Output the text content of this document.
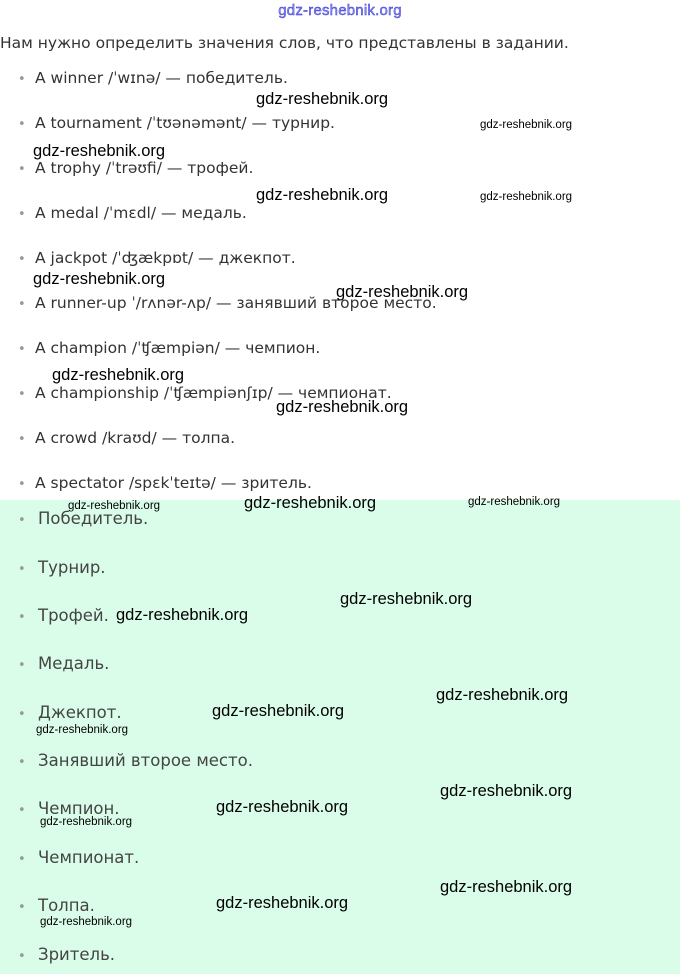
gdz-reshebnik.org
Нам нужно определить значения слов, что представлены в задании.
• A winner /ˈwɪnə/ — победитель.
• A tournament /ˈtʊənəmənt/ — турнир.
• A trophy /ˈtrəʊfi/ — трофей.
• A medal /ˈmɛdl/ — медаль.
• A jackpot /ˈʤækpɒt/ — джекпот.
• A runner-up ˈ/rʌnər-ʌp/ — занявший второе место.
• A champion /ˈʧæmpiən/ — чемпион.
• A championship /ˈʧæmpiənʃɪp/ — чемпионат.
• A crowd /kraʊd/ — толпа.
• A spectator /spɛkˈteɪtə/ — зритель.
• Победитель.
• Турнир.
• Трофей.
• Медаль.
• Джекпот.
• Занявший второе место.
• Чемпион.
• Чемпионат.
• Толпа.
• Зритель.
gdz-reshebnik.org
gdz-reshebnik.org
gdz-reshebnik.org
gdz-reshebnik.org	gdz-reshebnik.org
gdz-reshebnik.org
gdz-reshebnik.org
gdz-reshebnik.org
gdz-reshebnik.org
gdz-reshebnik.org	gdz-reshebnik.org	gdz-reshebnik.org
gdz-reshebnik.org
gdz-reshebnik.org
gdz-reshebnik.org
gdz-reshebnik.org
gdz-reshebnik.org
gdz-reshebnik.org
gdz-reshebnik.org
gdz-reshebnik.org
gdz-reshebnik.org
gdz-reshebnik.org
gdz-reshebnik.org
